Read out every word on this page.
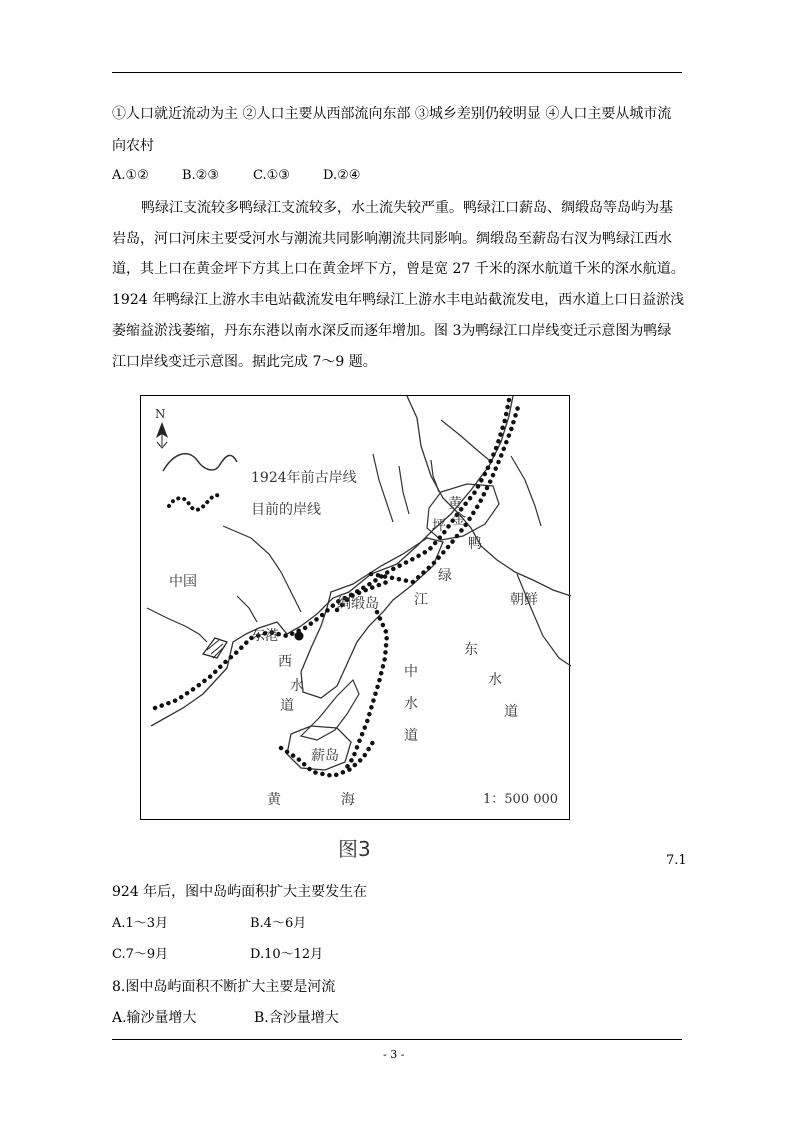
①人口就近流动为主 ②人口主要从西部流向东部 ③城乡差别仍较明显 ④人口主要从城市流
向农村
A.①②	B.②③	C.①③	D.②④
鸭绿江支流较多鸭绿江支流较多，水土流失较严重。鸭绿江口薪岛、绸缎岛等岛屿为基
岩岛，河口河床主要受河水与潮流共同影响潮流共同影响。绸缎岛至薪岛右汊为鸭绿江西水
道，其上口在黄金坪下方其上口在黄金坪下方，曾是宽 27 千米的深水航道千米的深水航道。
1924 年鸭绿江上游水丰电站截流发电年鸭绿江上游水丰电站截流发电，西水道上口日益淤浅
萎缩益淤浅萎缩，丹东东港以南水深反而逐年增加。图 3为鸭绿江口岸线变迁示意图为鸭绿
江口岸线变迁示意图。据此完成 7～9 题。
N
1924年前古岸线
目前的岸线
中国
朝鲜
东港
绸缎岛
薪岛
黄	海	1：500 000
黄
金
坪
鸭
绿
江
西
水
道
中
水
道
东
水
道
图3	7.1
924 年后，图中岛屿面积扩大主要发生在
A.1～3月	B.4～6月
C.7～9月	D.10～12月
8.图中岛屿面积不断扩大主要是河流
A.输沙量增大	B.含沙量增大
- 3 -
